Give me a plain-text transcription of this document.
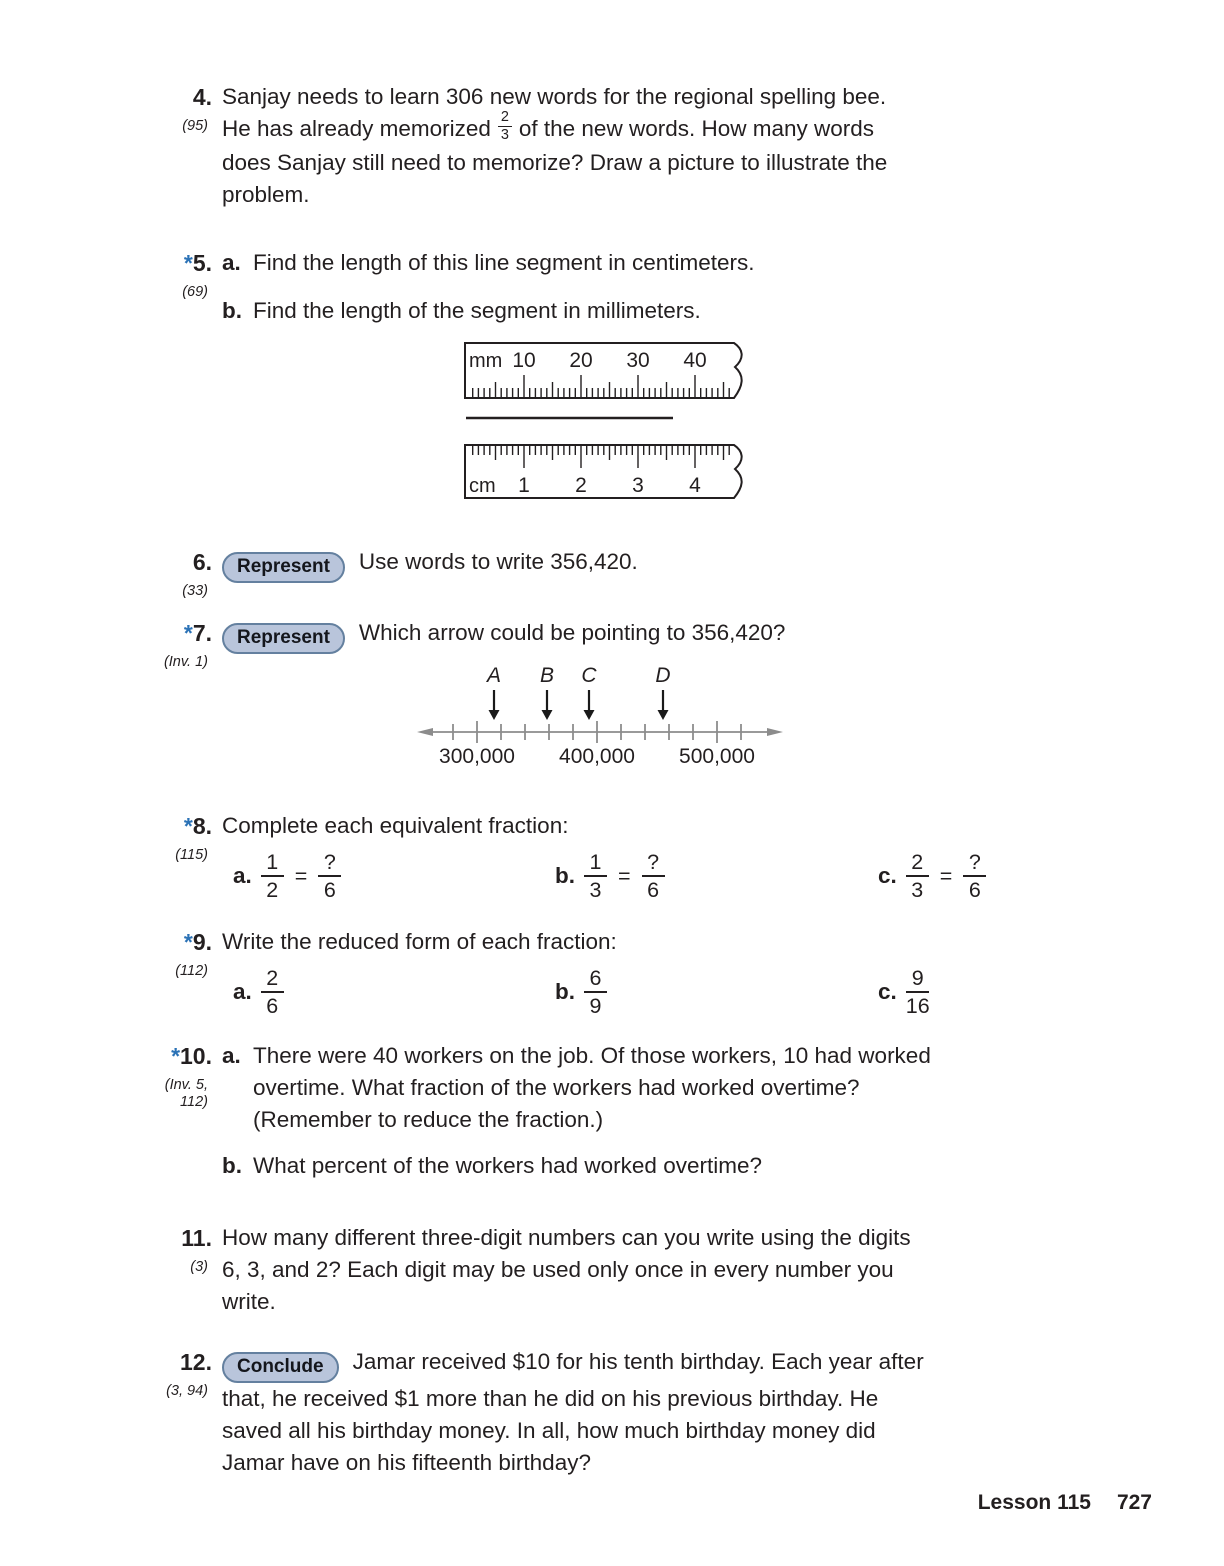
4.
(95)
Sanjay needs to learn 306 new words for the regional spelling bee.
He has already memorized $\frac{2}{3}$ of the new words. How many words
does Sanjay still need to memorize? Draw a picture to illustrate the
problem.
*5.
(69)
a. Find the length of this line segment in centimeters.
b. Find the length of the segment in millimeters.
mm 10 20 30 40
cm 1 2 3 4
6.
(33)
Represent Use words to write 356,420.
*7.
(Inv. 1)
Represent Which arrow could be pointing to 356,420?
A B C	D
300,000 400,000 500,000
*8.
(115)
Complete each equivalent fraction:
a. $\frac{1}{2} = \frac{?}{6}$	b. $\frac{1}{3} = \frac{?}{6}$	c. $\frac{2}{3} = \frac{?}{6}$
*9.
(112)
Write the reduced form of each fraction:
a. $\frac{2}{6}$	b. $\frac{6}{9}$	c. $\frac{9}{16}$
*10.
(Inv. 5,
112)
a. There were 40 workers on the job. Of those workers, 10 had worked
overtime. What fraction of the workers had worked overtime?
(Remember to reduce the fraction.)
b. What percent of the workers had worked overtime?
11.
(3)
How many different three-digit numbers can you write using the digits
6, 3, and 2? Each digit may be used only once in every number you
write.
12.
(3, 94)
Conclude Jamar received $10 for his tenth birthday. Each year after
that, he received $1 more than he did on his previous birthday. He
saved all his birthday money. In all, how much birthday money did
Jamar have on his fifteenth birthday?
Lesson 115 727
